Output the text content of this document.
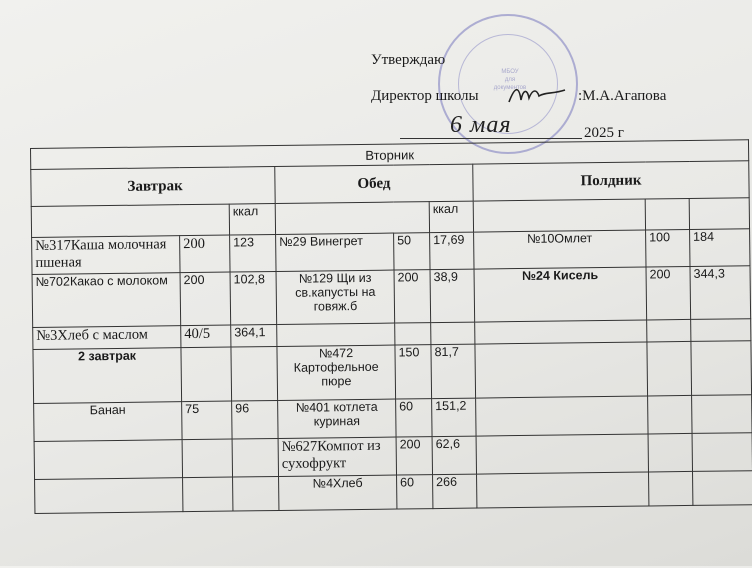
МБОУ
для
документов
Утверждаю
Директор школы	:М.А.Агапова
6 мая	2025 г
Вторник								
Завтрак			Обед			Полдник		
		ккал			ккал			
№317Каша молочная пшеная	200	123	№29 Винегрет	50	17,69	№10Омлет	100	184
№702Какао с молоком	200	102,8	№129 Щи из св.капусты на говяж.б	200	38,9	№24 Кисель	200	344,3
№3Хлеб с маслом	40/5	364,1						
2 завтрак			№472 Картофельное пюре	150	81,7			
Банан	75	96	№401 котлета куриная	60	151,2			
			№627Компот из сухофрукт	200	62,6			
			№4Хлеб	60	266			
